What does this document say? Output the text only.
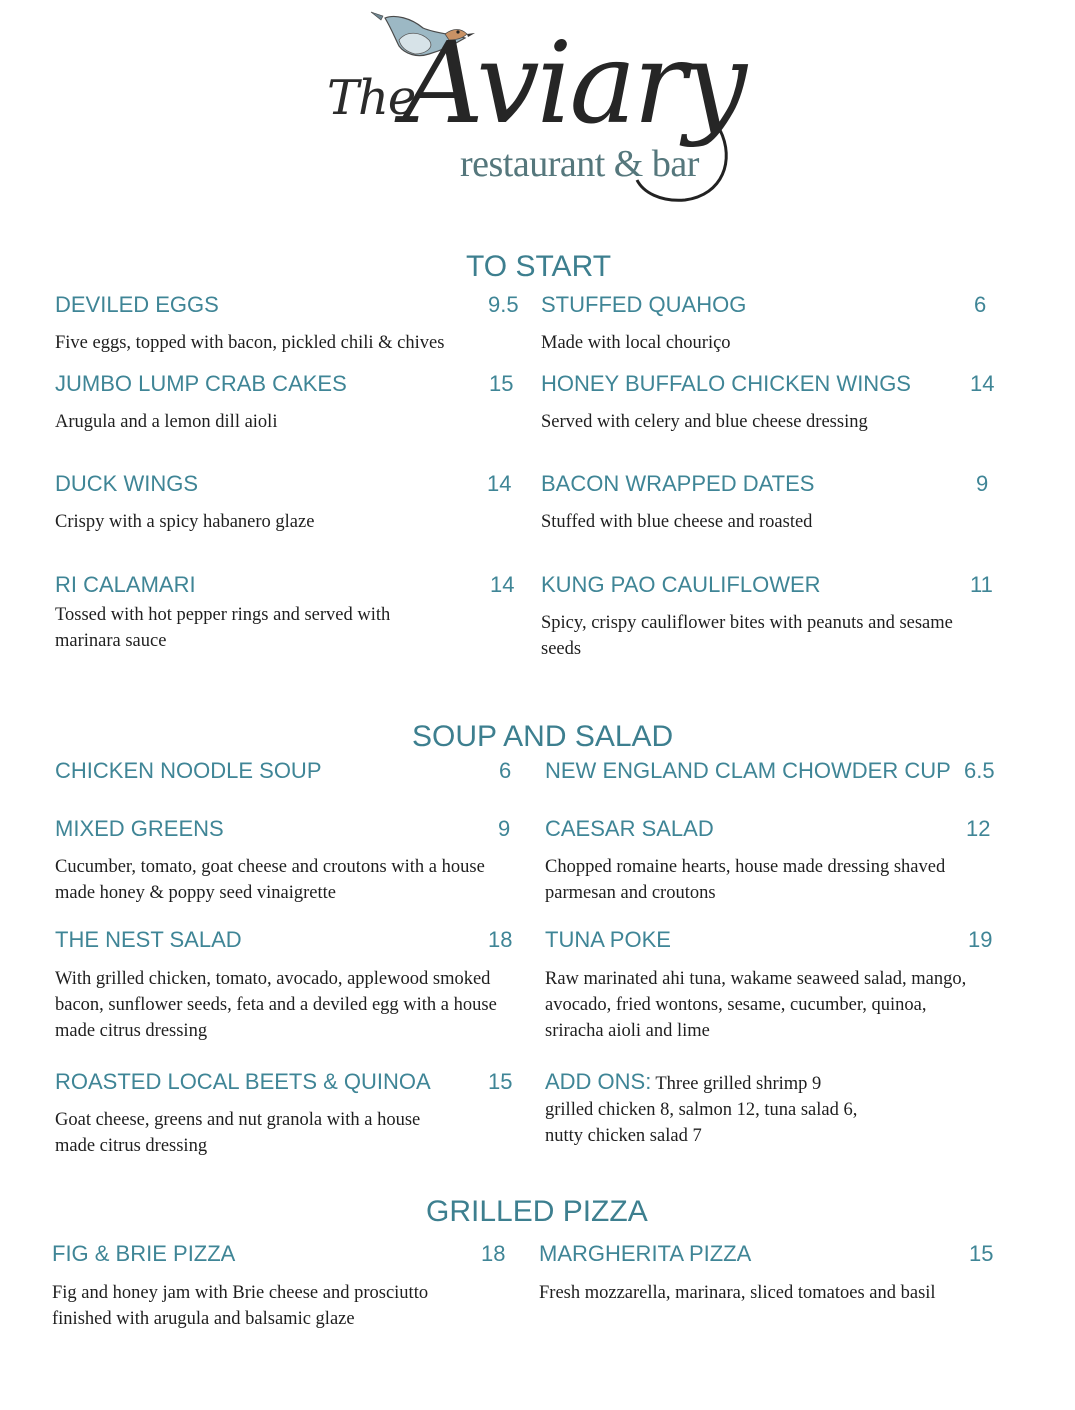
The
Aviary
restaurant & bar
TO START
DEVILED EGGS	9.5
Five eggs, topped with bacon, pickled chili & chives
JUMBO LUMP CRAB CAKES	15
Arugula and a lemon dill aioli
DUCK WINGS	14
Crispy with a spicy habanero glaze
RI CALAMARI	14
Tossed with hot pepper rings and served with marinara sauce
STUFFED QUAHOG	6
Made with local chouriço
HONEY BUFFALO CHICKEN WINGS	14
Served with celery and blue cheese dressing
BACON WRAPPED DATES	9
Stuffed with blue cheese and roasted
KUNG PAO CAULIFLOWER	11
Spicy, crispy cauliflower bites with peanuts and sesame seeds
SOUP AND SALAD
CHICKEN NOODLE SOUP	6 NEW ENGLAND CLAM CHOWDER CUP 6.5
MIXED GREENS	9
Cucumber, tomato, goat cheese and croutons with a house made honey & poppy seed vinaigrette
CAESAR SALAD	12
Chopped romaine hearts, house made dressing shaved parmesan and croutons
THE NEST SALAD	18
With grilled chicken, tomato, avocado, applewood smoked bacon, sunflower seeds, feta and a deviled egg with a house made citrus dressing
TUNA POKE	19
Raw marinated ahi tuna, wakame seaweed salad, mango, avocado, fried wontons, sesame, cucumber, quinoa, sriracha aioli and lime
ROASTED LOCAL BEETS & QUINOA	15
Goat cheese, greens and nut granola with a house made citrus dressing
ADD ONS: Three grilled shrimp 9
grilled chicken 8, salmon 12, tuna salad 6,
nutty chicken salad 7
GRILLED PIZZA
FIG & BRIE PIZZA	18
Fig and honey jam with Brie cheese and prosciutto finished with arugula and balsamic glaze
MARGHERITA PIZZA	15
Fresh mozzarella, marinara, sliced tomatoes and basil
